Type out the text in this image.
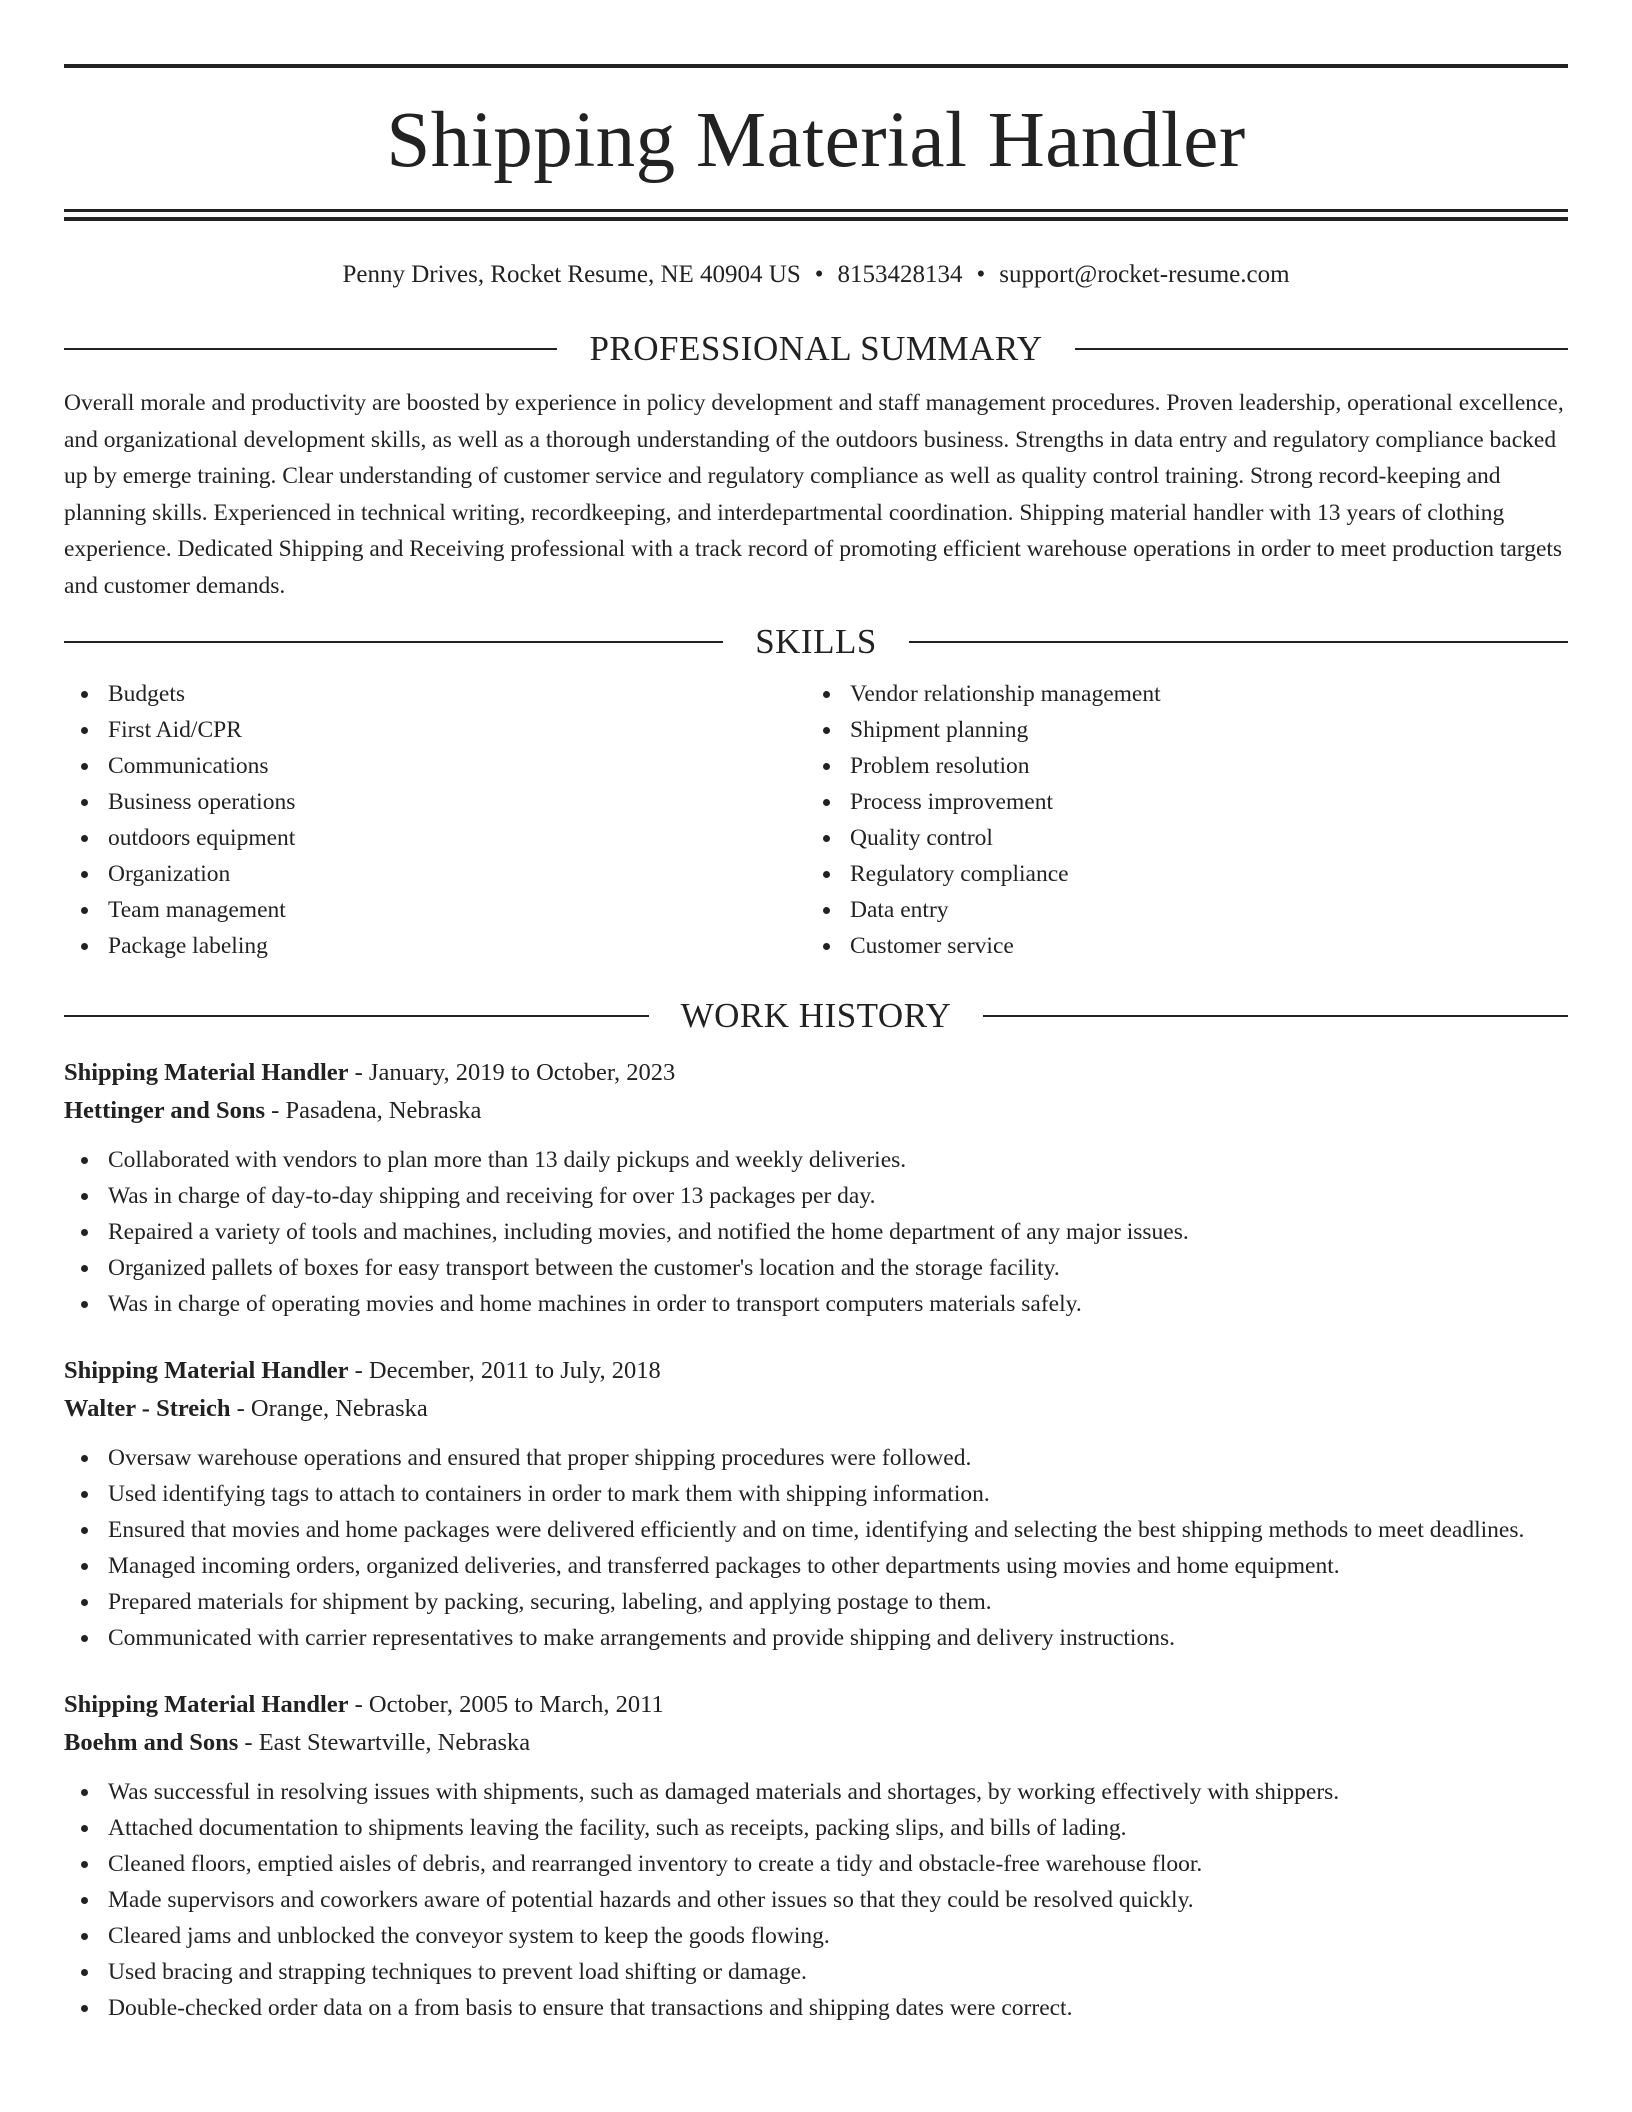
Shipping Material Handler
Penny Drives, Rocket Resume, NE 40904 US • 8153428134 • support@rocket-resume.com
PROFESSIONAL SUMMARY
Overall morale and productivity are boosted by experience in policy development and staff management procedures. Proven leadership, operational excellence, and organizational development skills, as well as a thorough understanding of the outdoors business. Strengths in data entry and regulatory compliance backed up by emerge training. Clear understanding of customer service and regulatory compliance as well as quality control training. Strong record-keeping and planning skills. Experienced in technical writing, recordkeeping, and interdepartmental coordination. Shipping material handler with 13 years of clothing experience. Dedicated Shipping and Receiving professional with a track record of promoting efficient warehouse operations in order to meet production targets and customer demands.
SKILLS
Budgets
First Aid/CPR
Communications
Business operations
outdoors equipment
Organization
Team management
Package labeling
Vendor relationship management
Shipment planning
Problem resolution
Process improvement
Quality control
Regulatory compliance
Data entry
Customer service
WORK HISTORY
Shipping Material Handler - January, 2019 to October, 2023
Hettinger and Sons - Pasadena, Nebraska
Collaborated with vendors to plan more than 13 daily pickups and weekly deliveries.
Was in charge of day-to-day shipping and receiving for over 13 packages per day.
Repaired a variety of tools and machines, including movies, and notified the home department of any major issues.
Organized pallets of boxes for easy transport between the customer's location and the storage facility.
Was in charge of operating movies and home machines in order to transport computers materials safely.
Shipping Material Handler - December, 2011 to July, 2018
Walter - Streich - Orange, Nebraska
Oversaw warehouse operations and ensured that proper shipping procedures were followed.
Used identifying tags to attach to containers in order to mark them with shipping information.
Ensured that movies and home packages were delivered efficiently and on time, identifying and selecting the best shipping methods to meet deadlines.
Managed incoming orders, organized deliveries, and transferred packages to other departments using movies and home equipment.
Prepared materials for shipment by packing, securing, labeling, and applying postage to them.
Communicated with carrier representatives to make arrangements and provide shipping and delivery instructions.
Shipping Material Handler - October, 2005 to March, 2011
Boehm and Sons - East Stewartville, Nebraska
Was successful in resolving issues with shipments, such as damaged materials and shortages, by working effectively with shippers.
Attached documentation to shipments leaving the facility, such as receipts, packing slips, and bills of lading.
Cleaned floors, emptied aisles of debris, and rearranged inventory to create a tidy and obstacle-free warehouse floor.
Made supervisors and coworkers aware of potential hazards and other issues so that they could be resolved quickly.
Cleared jams and unblocked the conveyor system to keep the goods flowing.
Used bracing and strapping techniques to prevent load shifting or damage.
Double-checked order data on a from basis to ensure that transactions and shipping dates were correct.
